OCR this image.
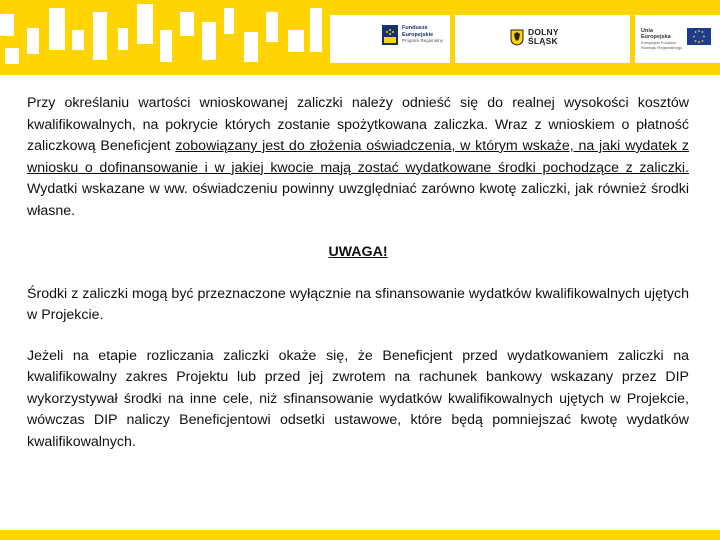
Fundusze
Europejskie
Program Regionalny
DOLNY
ŚLĄSK
Unia Europejska
Europejski Fundusz Rozwoju Regionalnego

Przy określaniu wartości wnioskowanej zaliczki należy odnieść się do realnej wysokości kosztów kwalifikowalnych, na pokrycie których zostanie spożytkowana zaliczka. Wraz z wnioskiem o płatność zaliczkową Beneficjent zobowiązany jest do złożenia oświadczenia, w którym wskaże, na jaki wydatek z wniosku o dofinansowanie i w jakiej kwocie mają zostać wydatkowane środki pochodzące z zaliczki. Wydatki wskazane w ww. oświadczeniu powinny uwzględniać zarówno kwotę zaliczki, jak również środki własne.

UWAGA!

Środki z zaliczki mogą być przeznaczone wyłącznie na sfinansowanie wydatków kwalifikowalnych ujętych w Projekcie.

Jeżeli na etapie rozliczania zaliczki okaże się, że Beneficjent przed wydatkowaniem zaliczki na kwalifikowalny zakres Projektu lub przed jej zwrotem na rachunek bankowy wskazany przez DIP wykorzystywał środki na inne cele, niż sfinansowanie wydatków kwalifikowalnych ujętych w Projekcie, wówczas DIP naliczy Beneficjentowi odsetki ustawowe, które będą pomniejszać kwotę wydatków kwalifikowalnych.
